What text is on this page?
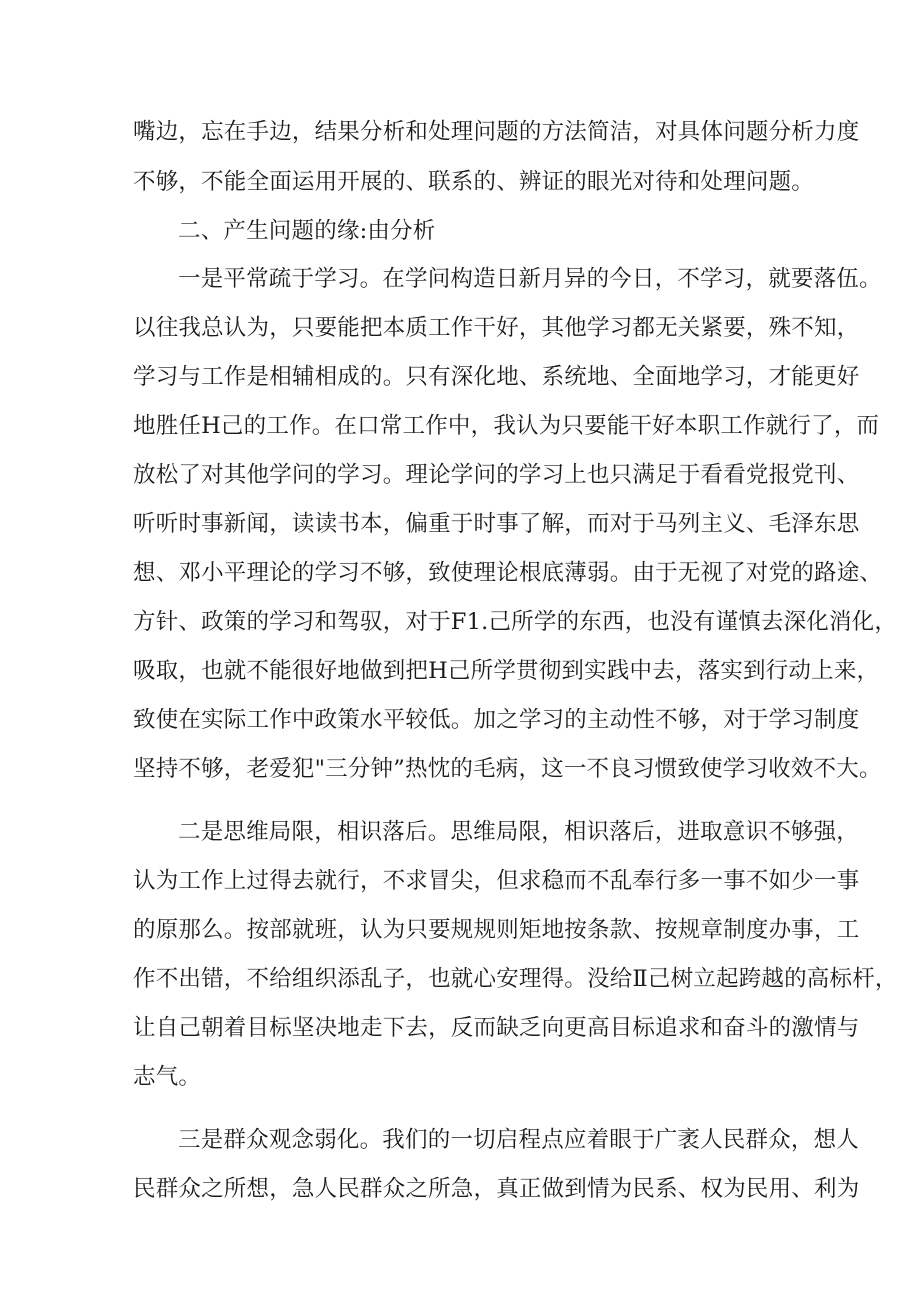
嘴边，忘在手边，结果分析和处理问题的方法简洁，对具体问题分析力度
不够，不能全面运用开展的、联系的、辨证的眼光对待和处理问题。
二、产生问题的缘:由分析
一是平常疏于学习。在学问构造日新月异的今日，不学习，就要落伍。
以往我总认为，只要能把本质工作干好，其他学习都无关紧要，殊不知，
学习与工作是相辅相成的。只有深化地、系统地、全面地学习，才能更好
地胜任H己的工作。在口常工作中，我认为只要能干好本职工作就行了，而
放松了对其他学问的学习。理论学问的学习上也只满足于看看党报党刊、
听听时事新闻，读读书本，偏重于时事了解，而对于马列主义、毛泽东思
想、邓小平理论的学习不够，致使理论根底薄弱。由于无视了对党的路途、
方针、政策的学习和驾驭，对于F1.己所学的东西，也没有谨慎去深化消化，
吸取，也就不能很好地做到把H己所学贯彻到实践中去，落实到行动上来，
致使在实际工作中政策水平较低。加之学习的主动性不够，对于学习制度
坚持不够，老爱犯"三分钟”热忱的毛病，这一不良习惯致使学习收效不大。
二是思维局限，相识落后。思维局限，相识落后，进取意识不够强，
认为工作上过得去就行，不求冒尖，但求稳而不乱奉行多一事不如少一事
的原那么。按部就班，认为只要规规则矩地按条款、按规章制度办事，工
作不出错，不给组织添乱子，也就心安理得。没给Ⅱ己树立起跨越的高标杆，
让自己朝着目标坚决地走下去，反而缺乏向更高目标追求和奋斗的激情与
志气。
三是群众观念弱化。我们的一切启程点应着眼于广袤人民群众，想人
民群众之所想，急人民群众之所急，真正做到情为民系、权为民用、利为
